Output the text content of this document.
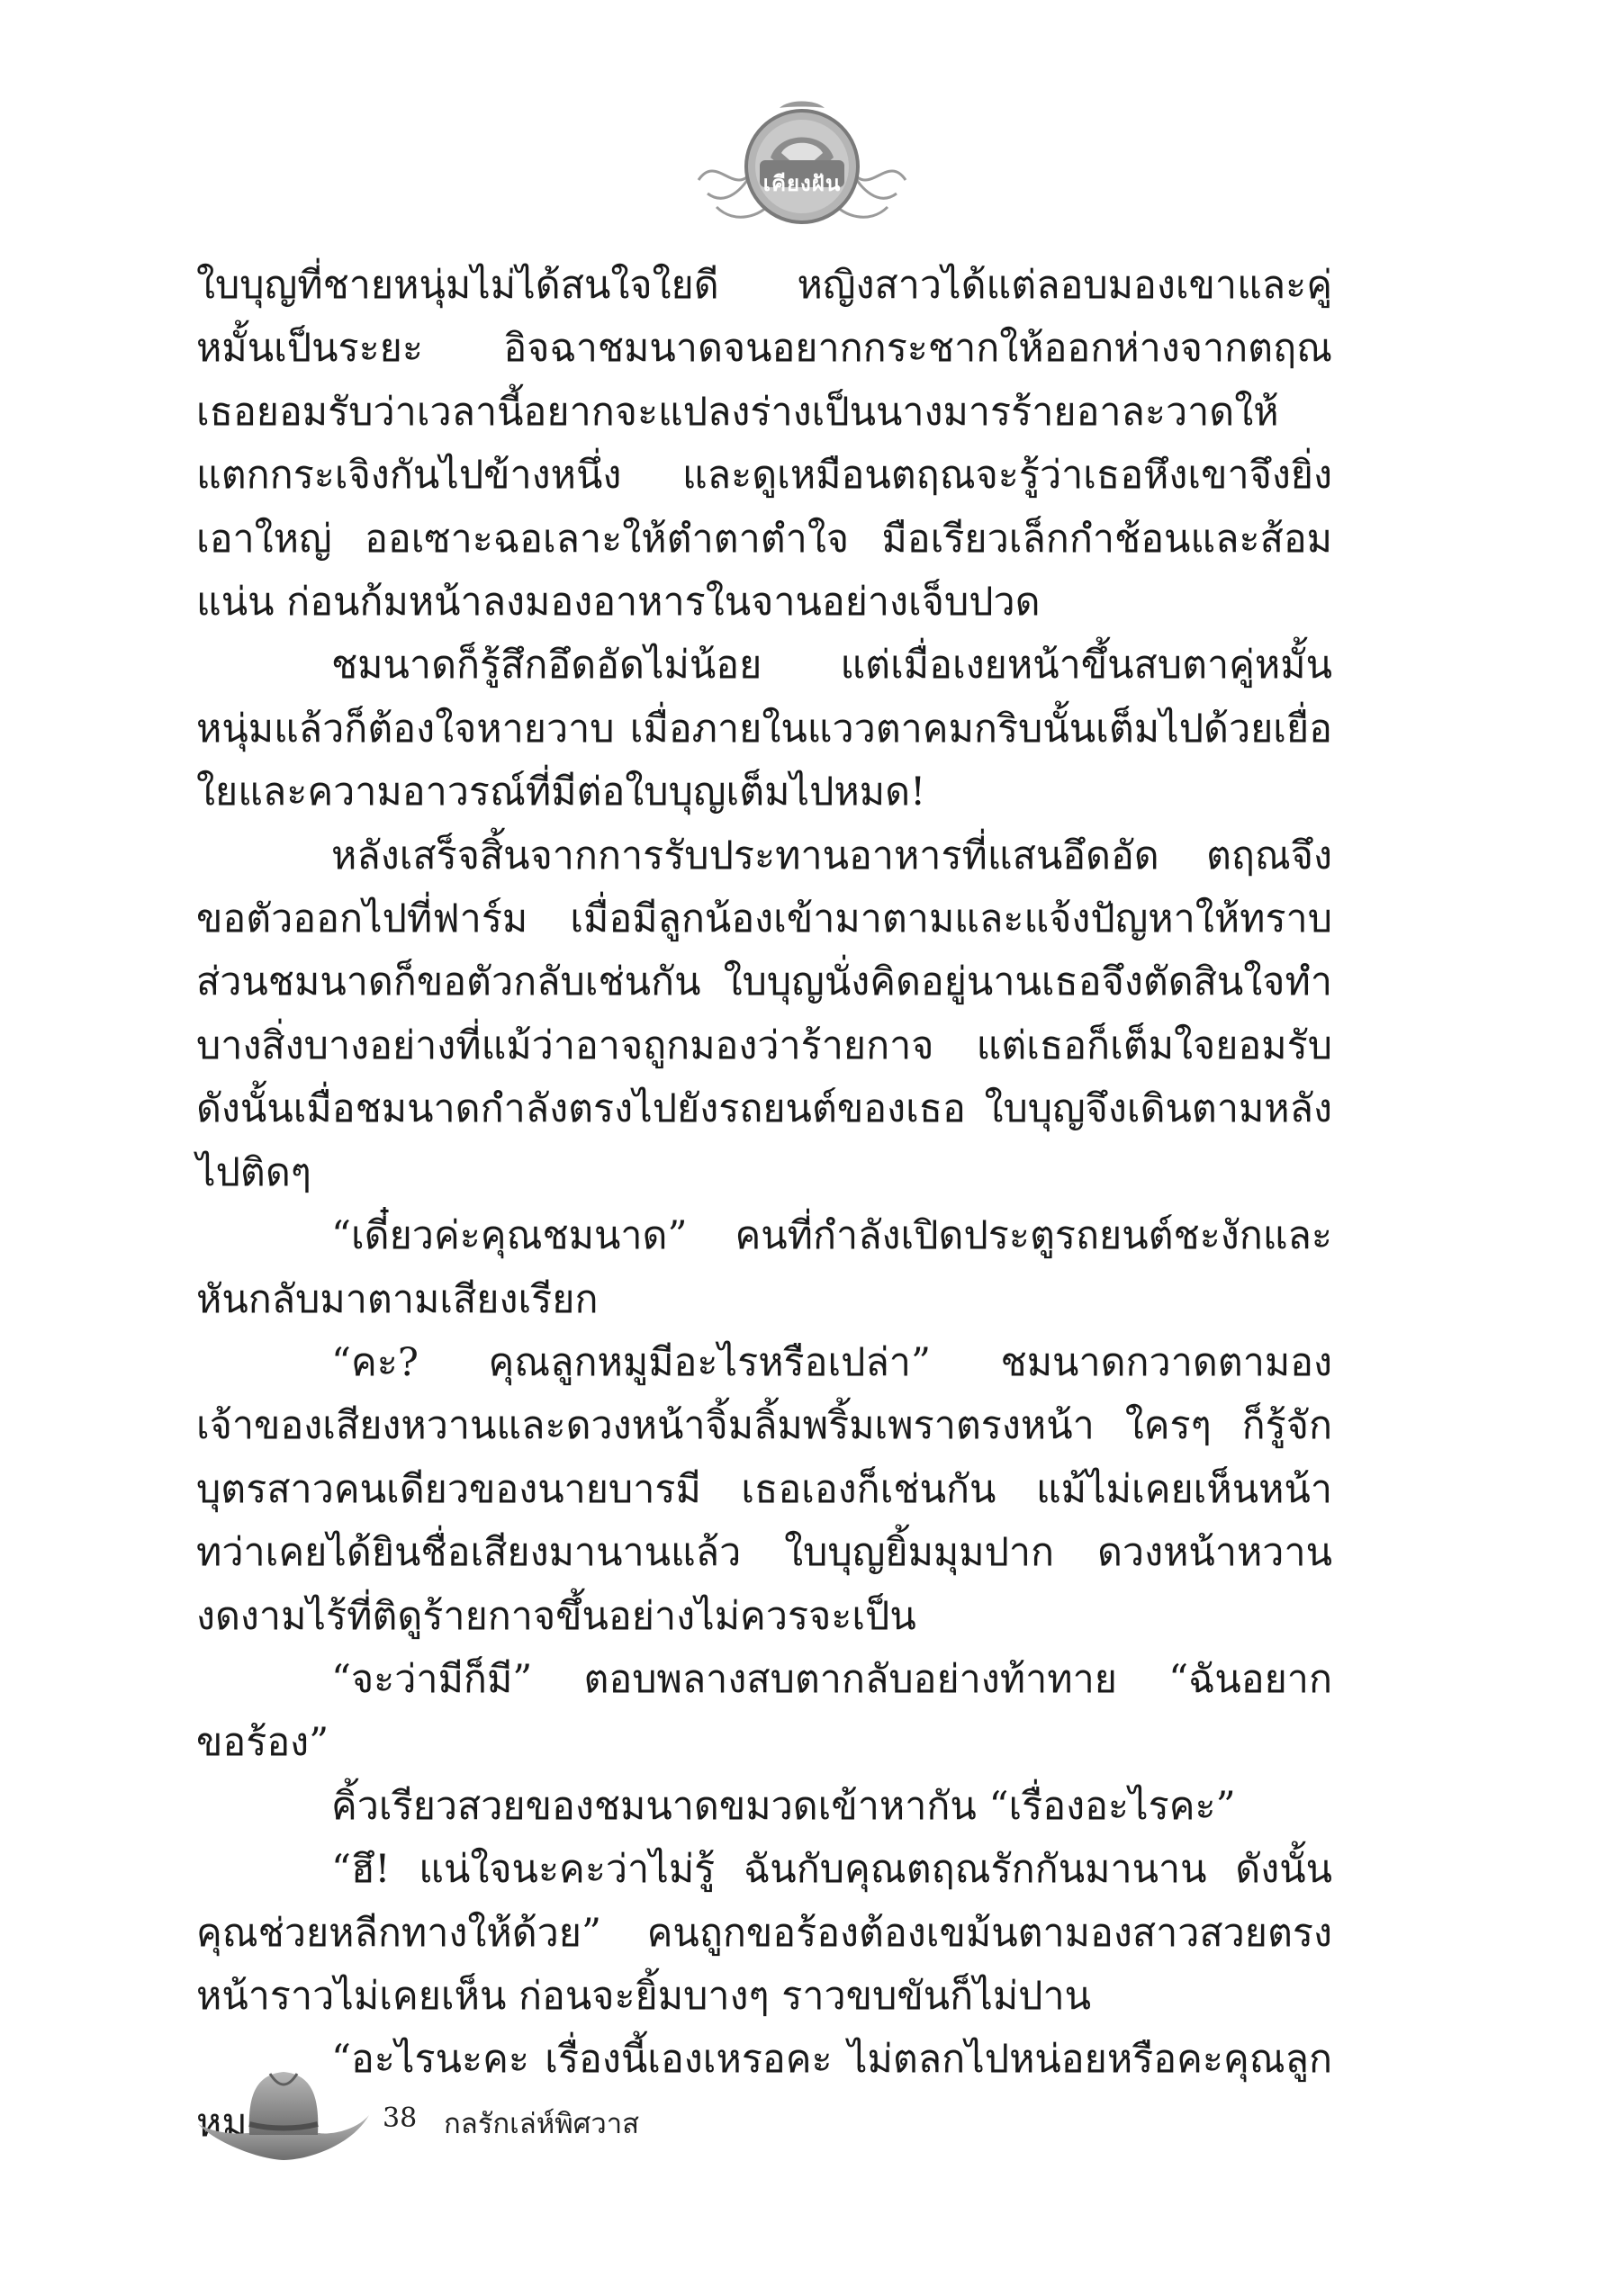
เคียงฝัน

ใบบุญที่ชายหนุ่มไม่ได้สนใจใยดี หญิงสาวได้แต่ลอบมองเขาและคู่หมั้นเป็นระยะ อิจฉาชมนาดจนอยากกระชากให้ออกห่างจากตฤณ เธอยอมรับว่าเวลานี้อยากจะแปลงร่างเป็นนางมารร้ายอาละวาดให้แตกกระเจิงกันไปข้างหนึ่ง และดูเหมือนตฤณจะรู้ว่าเธอหึงเขาจึงยิ่งเอาใหญ่ ออเซาะฉอเลาะให้ตำตาตำใจ มือเรียวเล็กกำช้อนและส้อมแน่น ก่อนก้มหน้าลงมองอาหารในจานอย่างเจ็บปวด

ชมนาดก็รู้สึกอึดอัดไม่น้อย แต่เมื่อเงยหน้าขึ้นสบตาคู่หมั้นหนุ่มแล้วก็ต้องใจหายวาบ เมื่อภายในแววตาคมกริบนั้นเต็มไปด้วยเยื่อใยและความอาวรณ์ที่มีต่อใบบุญเต็มไปหมด!

หลังเสร็จสิ้นจากการรับประทานอาหารที่แสนอึดอัด ตฤณจึงขอตัวออกไปที่ฟาร์ม เมื่อมีลูกน้องเข้ามาตามและแจ้งปัญหาให้ทราบ ส่วนชมนาดก็ขอตัวกลับเช่นกัน ใบบุญนั่งคิดอยู่นานเธอจึงตัดสินใจทำบางสิ่งบางอย่างที่แม้ว่าอาจถูกมองว่าร้ายกาจ แต่เธอก็เต็มใจยอมรับ ดังนั้นเมื่อชมนาดกำลังตรงไปยังรถยนต์ของเธอ ใบบุญจึงเดินตามหลังไปติดๆ

“เดี๋ยวค่ะคุณชมนาด” คนที่กำลังเปิดประตูรถยนต์ชะงักและหันกลับมาตามเสียงเรียก

“คะ? คุณลูกหมูมีอะไรหรือเปล่า” ชมนาดกวาดตามองเจ้าของเสียงหวานและดวงหน้าจิ้มลิ้มพริ้มเพราตรงหน้า ใครๆ ก็รู้จักบุตรสาวคนเดียวของนายบารมี เธอเองก็เช่นกัน แม้ไม่เคยเห็นหน้า ทว่าเคยได้ยินชื่อเสียงมานานแล้ว ใบบุญยิ้มมุมปาก ดวงหน้าหวานงดงามไร้ที่ติดูร้ายกาจขึ้นอย่างไม่ควรจะเป็น

“จะว่ามีก็มี” ตอบพลางสบตากลับอย่างท้าทาย “ฉันอยากขอร้อง”

คิ้วเรียวสวยของชมนาดขมวดเข้าหากัน “เรื่องอะไรคะ”

“ฮึ! แน่ใจนะคะว่าไม่รู้ ฉันกับคุณตฤณรักกันมานาน ดังนั้นคุณช่วยหลีกทางให้ด้วย” คนถูกขอร้องต้องเขม้นตามองสาวสวยตรงหน้าราวไม่เคยเห็น ก่อนจะยิ้มบางๆ ราวขบขันก็ไม่ปาน

“อะไรนะคะ เรื่องนี้เองเหรอคะ ไม่ตลกไปหน่อยหรือคะคุณลูกหมู	38 กลรักเล่ห์พิศวาส
